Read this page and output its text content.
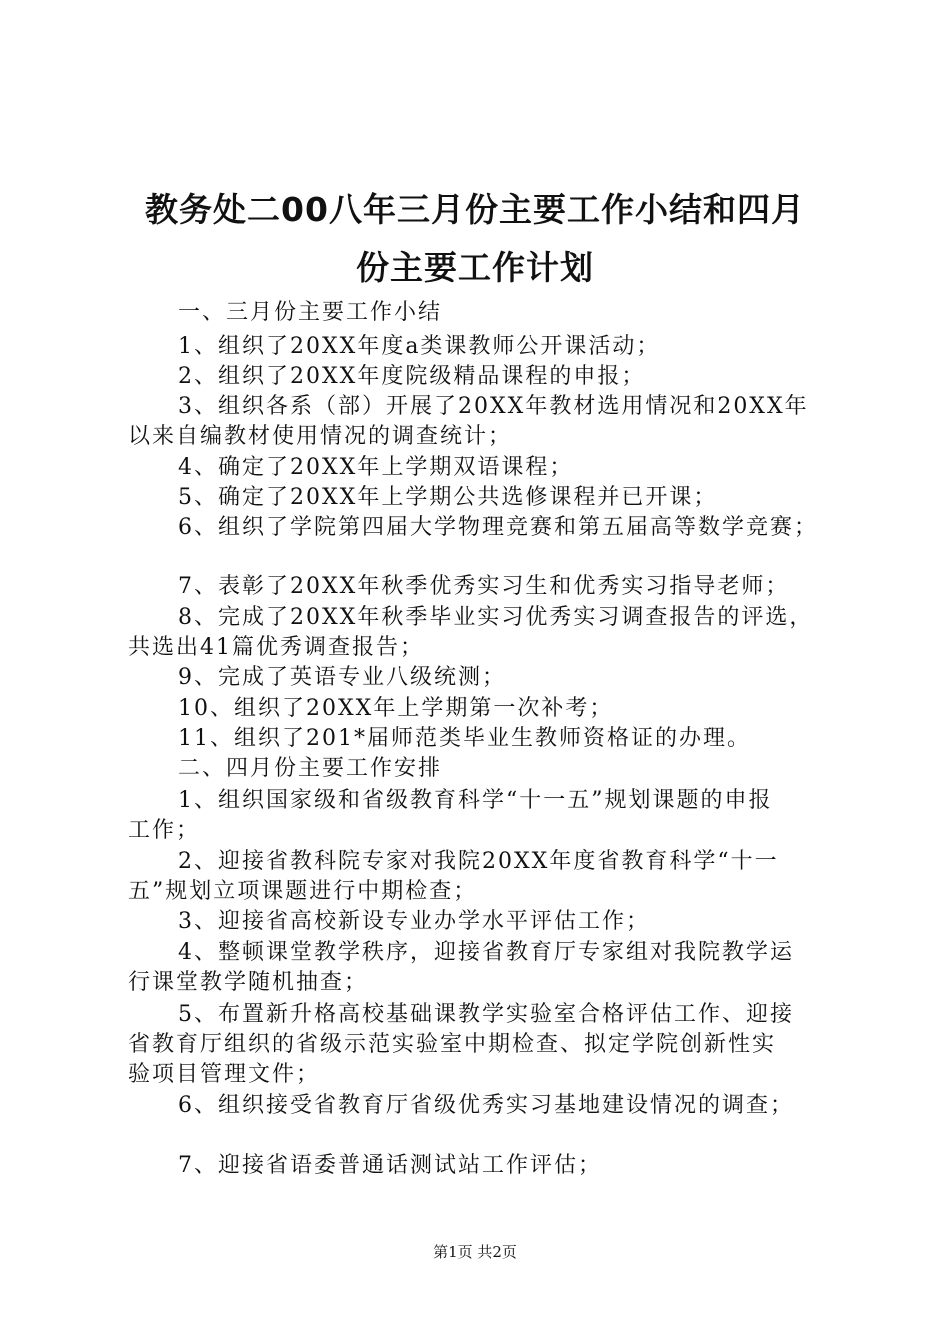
教务处二00八年三月份主要工作小结和四月
份主要工作计划
一、三月份主要工作小结
1、组织了20XX年度a类课教师公开课活动；
2、组织了20XX年度院级精品课程的申报；
3、组织各系（部）开展了20XX年教材选用情况和20XX年
以来自编教材使用情况的调查统计；
4、确定了20XX年上学期双语课程；
5、确定了20XX年上学期公共选修课程并已开课；
6、组织了学院第四届大学物理竞赛和第五届高等数学竞赛；
7、表彰了20XX年秋季优秀实习生和优秀实习指导老师；
8、完成了20XX年秋季毕业实习优秀实习调查报告的评选，
共选出41篇优秀调查报告；
9、完成了英语专业八级统测；
10、组织了20XX年上学期第一次补考；
11、组织了201*届师范类毕业生教师资格证的办理。
二、四月份主要工作安排
1、组织国家级和省级教育科学“十一五”规划课题的申报
工作；
2、迎接省教科院专家对我院20XX年度省教育科学“十一
五”规划立项课题进行中期检查；
3、迎接省高校新设专业办学水平评估工作；
4、整顿课堂教学秩序，迎接省教育厅专家组对我院教学运
行课堂教学随机抽查；
5、布置新升格高校基础课教学实验室合格评估工作、迎接
省教育厅组织的省级示范实验室中期检查、拟定学院创新性实
验项目管理文件；
6、组织接受省教育厅省级优秀实习基地建设情况的调查；
7、迎接省语委普通话测试站工作评估；
第1页 共2页
